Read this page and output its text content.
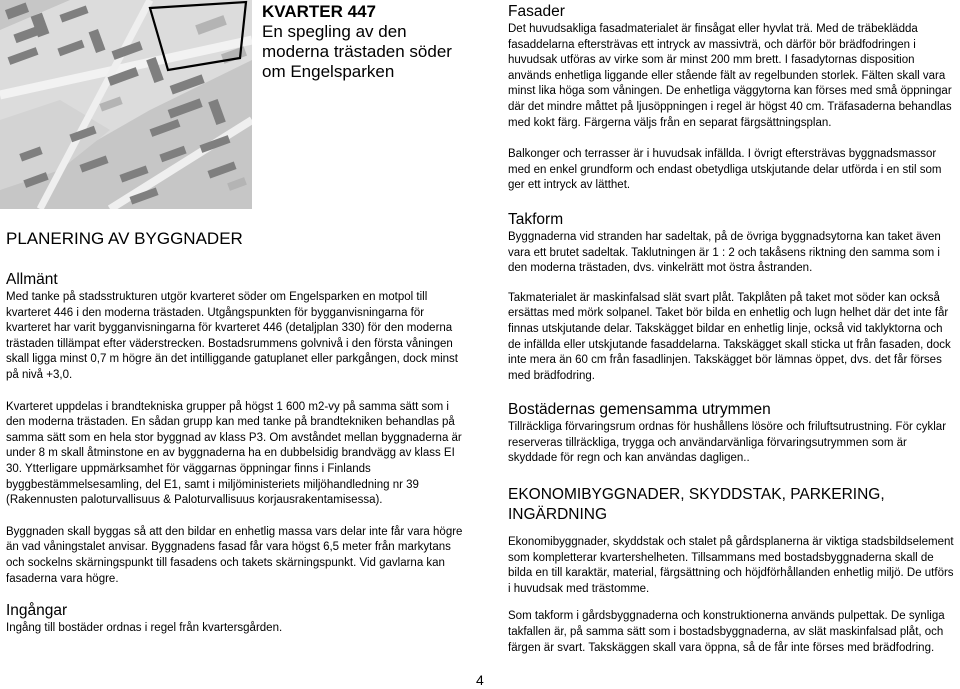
KVARTER 447
En spegling av den
moderna trästaden söder
om Engelsparken
PLANERING AV BYGGNADER
Allmänt

Med tanke på stadsstrukturen utgör kvarteret söder om Engelsparken en motpol till kvarteret 446 i den moderna trästaden. Utgångspunkten för bygganvisningarna för kvarteret har varit bygganvisningarna för kvarteret 446 (detaljplan 330) för den moderna trästaden tillämpat efter väderstrecken. Bostadsrummens golvnivå i den första våningen skall ligga minst 0,7 m högre än det intilliggande gatuplanet eller parkgången, dock minst på nivå +3,0.

Kvarteret uppdelas i brandtekniska grupper på högst 1 600 m2-vy på samma sätt som i den moderna trästaden. En sådan grupp kan med tanke på brandtekniken behandlas på samma sätt som en hela stor byggnad av klass P3. Om avståndet mellan byggnaderna är under 8 m skall åtminstone en av byggnaderna ha en dubbelsidig brandvägg av klass EI 30. Ytterligare uppmärksamhet för väggarnas öppningar finns i Finlands byggbestämmelsesamling, del E1, samt i miljöministeriets miljöhandledning nr 39 (Rakennusten paloturvallisuus & Paloturvallisuus korjausrakentamisessa).

Byggnaden skall byggas så att den bildar en enhetlig massa vars delar inte får vara högre än vad våningstalet anvisar. Byggnadens fasad får vara högst 6,5 meter från markytans och sockelns skärningspunkt till fasadens och takets skärningspunkt. Vid gavlarna kan fasaderna vara högre.

Ingångar

Ingång till bostäder ordnas i regel från kvartersgården.

Fasader

Det huvudsakliga fasadmaterialet är finsågat eller hyvlat trä. Med de träbeklädda fasaddelarna eftersträvas ett intryck av massivträ, och därför bör brädfodringen i huvudsak utföras av virke som är minst 200 mm brett. I fasadytornas disposition används enhetliga liggande eller stående fält av regelbunden storlek. Fälten skall vara minst lika höga som våningen. De enhetliga väggytorna kan förses med små öppningar där det mindre måttet på ljusöppningen i regel är högst 40 cm. Träfasaderna behandlas med kokt färg. Färgerna väljs från en separat färgsättningsplan.

Balkonger och terrasser är i huvudsak infällda. I övrigt eftersträvas byggnadsmassor med en enkel grundform och endast obetydliga utskjutande delar utförda i en stil som ger ett intryck av lätthet.

Takform

Byggnaderna vid stranden har sadeltak, på de övriga byggnadsytorna kan taket även vara ett brutet sadeltak. Taklutningen är 1 : 2 och takåsens riktning den samma som i den moderna trästaden, dvs. vinkelrätt mot östra åstranden.

Takmaterialet är maskinfalsad slät svart plåt. Takplåten på taket mot söder kan också ersättas med mörk solpanel. Taket bör bilda en enhetlig och lugn helhet där det inte får finnas utskjutande delar. Takskägget bildar en enhetlig linje, också vid taklyktorna och de infällda eller utskjutande fasaddelarna. Takskägget skall sticka ut från fasaden, dock inte mera än 60 cm från fasadlinjen. Takskägget bör lämnas öppet, dvs. det får förses med brädfodring.

Bostädernas gemensamma utrymmen

Tillräckliga förvaringsrum ordnas för hushållens lösöre och friluftsutrustning. För cyklar reserveras tillräckliga, trygga och användarvänliga förvaringsutrymmen som är skyddade för regn och kan användas dagligen..

EKONOMIBYGGNADER, SKYDDSTAK, PARKERING, INGÄRDNING

Ekonomibyggnader, skyddstak och stalet på gårdsplanerna är viktiga stadsbildselement som kompletterar kvartershelheten. Tillsammans med bostadsbyggnaderna skall de bilda en till karaktär, material, färgsättning och höjdförhållanden enhetlig miljö. De utförs i huvudsak med trästomme.

Som takform i gårdsbyggnaderna och konstruktionerna används pulpettak. De synliga takfallen är, på samma sätt som i bostadsbyggnaderna, av slät maskinfalsad plåt, och färgen är svart. Takskäggen skall vara öppna, så de får inte förses med brädfodring.

4
